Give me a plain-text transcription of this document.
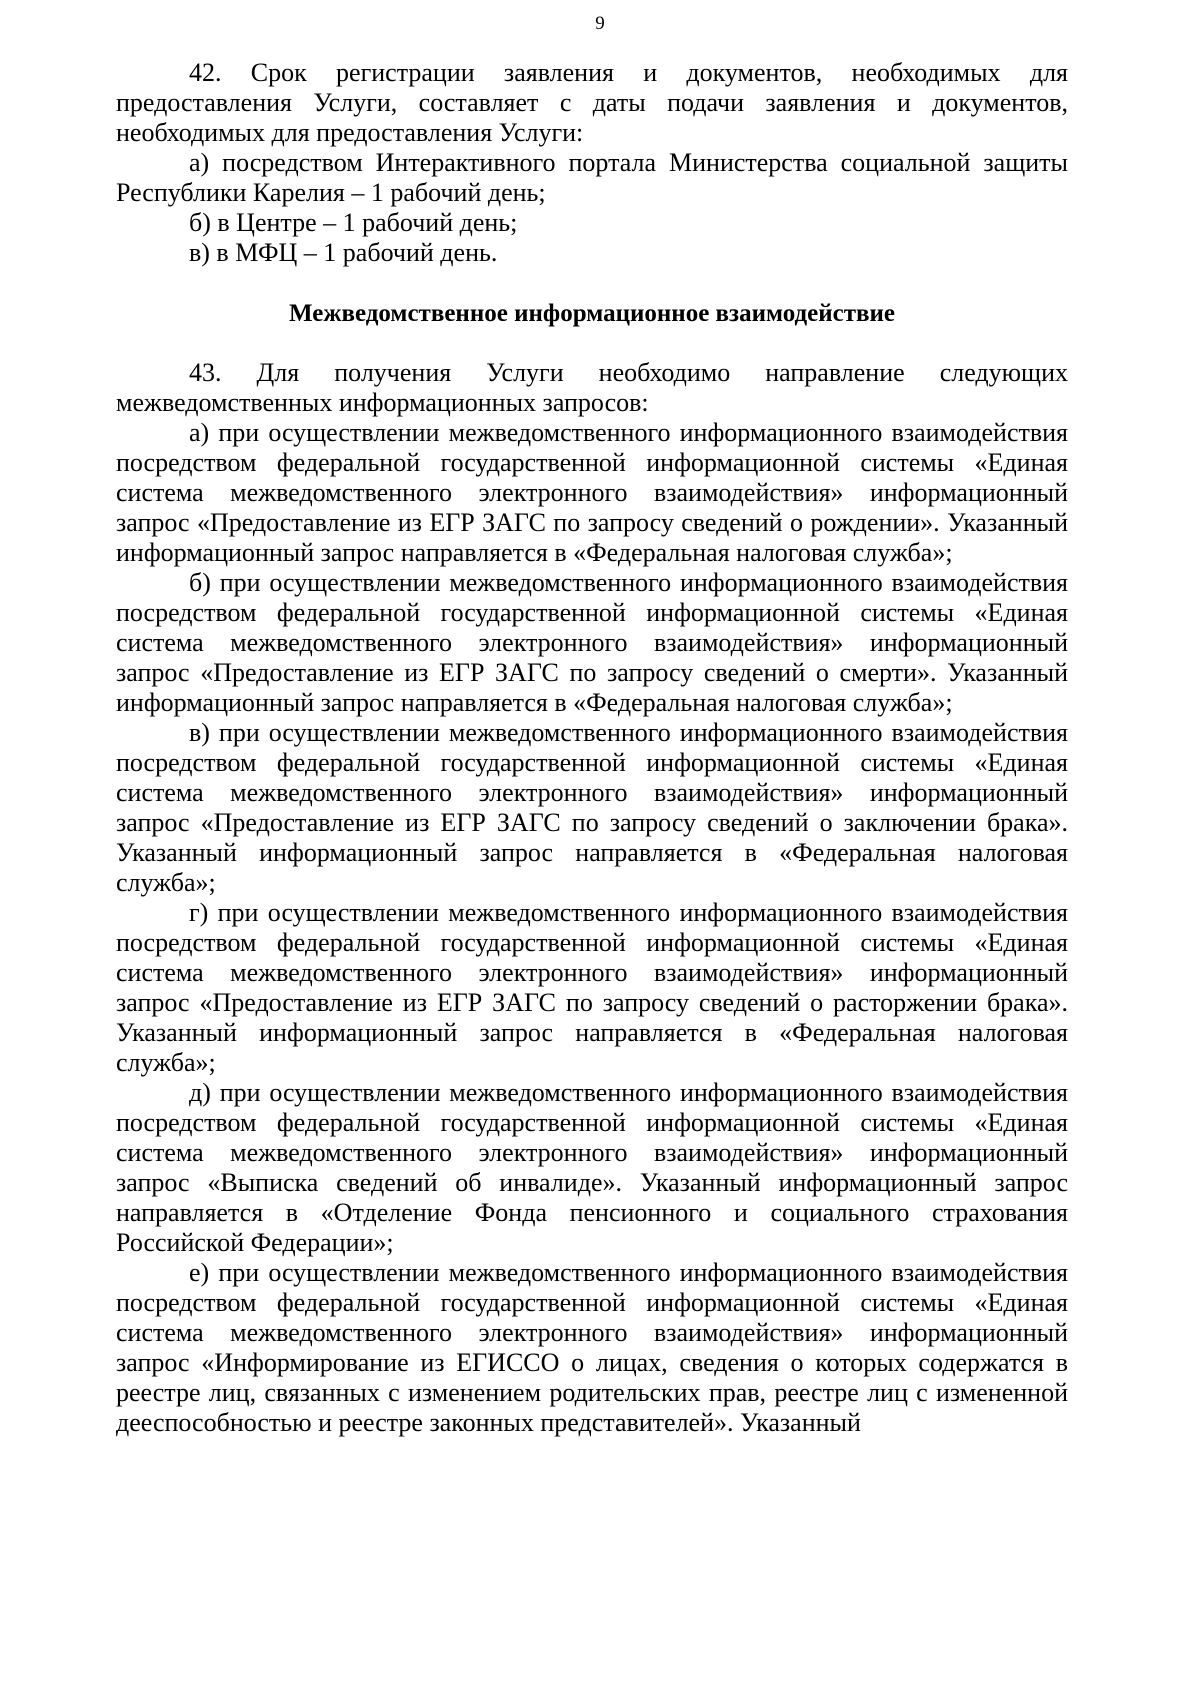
9

42. Срок регистрации заявления и документов, необходимых для предоставления Услуги, составляет с даты подачи заявления и документов, необходимых для предоставления Услуги:

а) посредством Интерактивного портала Министерства социальной защиты Республики Карелия – 1 рабочий день;

б) в Центре – 1 рабочий день;

в) в МФЦ – 1 рабочий день.

Межведомственное информационное взаимодействие

43. Для получения Услуги необходимо направление следующих межведомственных информационных запросов:

а) при осуществлении межведомственного информационного взаимодействия посредством федеральной государственной информационной системы «Единая система межведомственного электронного взаимодействия» информационный запрос «Предоставление из ЕГР ЗАГС по запросу сведений о рождении». Указанный информационный запрос направляется в «Федеральная налоговая служба»;

б) при осуществлении межведомственного информационного взаимодействия посредством федеральной государственной информационной системы «Единая система межведомственного электронного взаимодействия» информационный запрос «Предоставление из ЕГР ЗАГС по запросу сведений о смерти». Указанный информационный запрос направляется в «Федеральная налоговая служба»;

в) при осуществлении межведомственного информационного взаимодействия посредством федеральной государственной информационной системы «Единая система межведомственного электронного взаимодействия» информационный запрос «Предоставление из ЕГР ЗАГС по запросу сведений о заключении брака». Указанный информационный запрос направляется в «Федеральная налоговая служба»;

г) при осуществлении межведомственного информационного взаимодействия посредством федеральной государственной информационной системы «Единая система межведомственного электронного взаимодействия» информационный запрос «Предоставление из ЕГР ЗАГС по запросу сведений о расторжении брака». Указанный информационный запрос направляется в «Федеральная налоговая служба»;

д) при осуществлении межведомственного информационного взаимодействия посредством федеральной государственной информационной системы «Единая система межведомственного электронного взаимодействия» информационный запрос «Выписка сведений об инвалиде». Указанный информационный запрос направляется в «Отделение Фонда пенсионного и социального страхования Российской Федерации»;

е) при осуществлении межведомственного информационного взаимодействия посредством федеральной государственной информационной системы «Единая система межведомственного электронного взаимодействия» информационный запрос «Информирование из ЕГИССО о лицах, сведения о которых содержатся в реестре лиц, связанных с изменением родительских прав, реестре лиц с измененной дееспособностью и реестре законных представителей». Указанный
